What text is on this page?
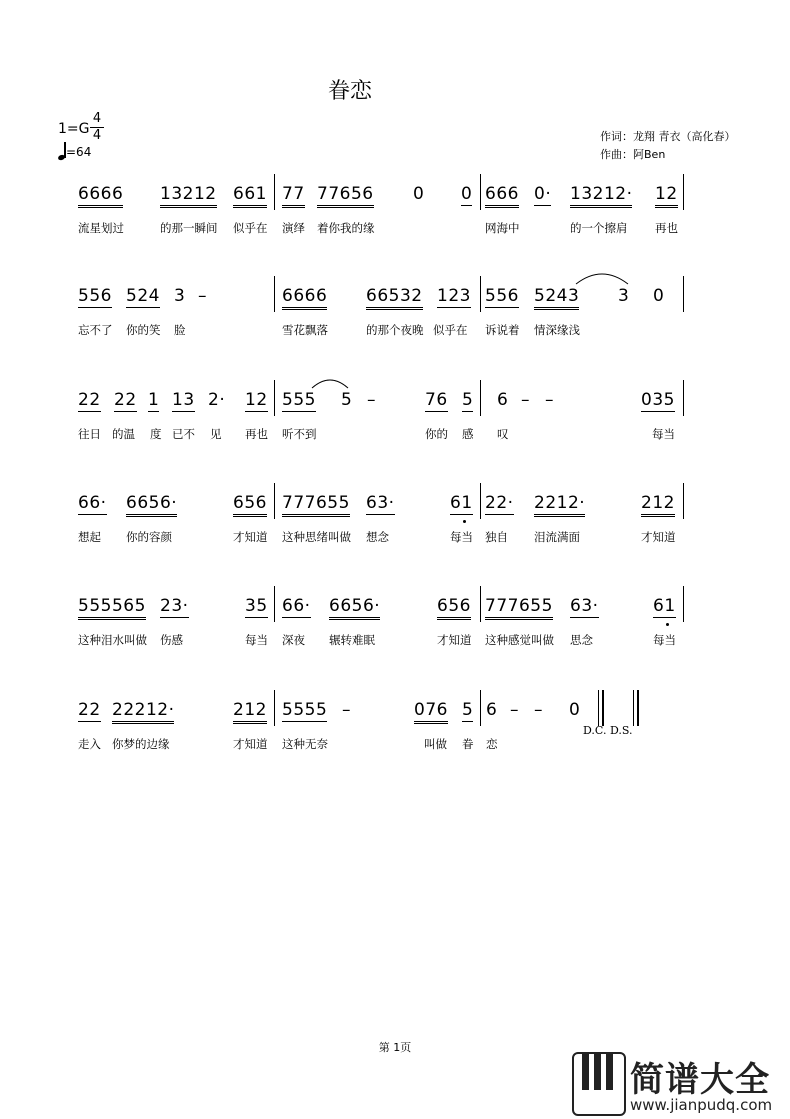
眷恋
1=G
4
4
=64
作词：龙翔 青衣（高化春）
作曲：阿Ben
6666 13212 661 77 77656 0 0 666 0· 13212· 12
流星划过	的那一瞬间 似乎在 演绎 着你我的缘	网海中	的一个擦肩 再也
556 524 3 –	6666 66532 123 556 5243 3 0
忘不了 你的笑 脸	雪花飘落	的那个夜晚 似乎在 诉说着 情深缘浅
22 22 1 13 2· 12 555 5 –	76 5 6 – –	035
往日 的温 度 已不 见 再也 听不到	你的 感 叹	每当
66· 6656·	656 777655 63·	61 22· 2212·	212
想起 你的容颜	才知道 这种思绪叫做 想念	每当 独自 泪流满面	才知道
555565 23·	35 66· 6656·	656 777655 63·	61
这种泪水叫做 伤感	每当 深夜 辗转难眠	才知道 这种感觉叫做 思念	每当
22 22212·	212 5555 –	076 5 6 – – 0
走入 你梦的边缘	才知道 这种无奈	叫做 眷 恋
D.C. D.S.
第 1页
简谱大全
www.jianpudq.com
